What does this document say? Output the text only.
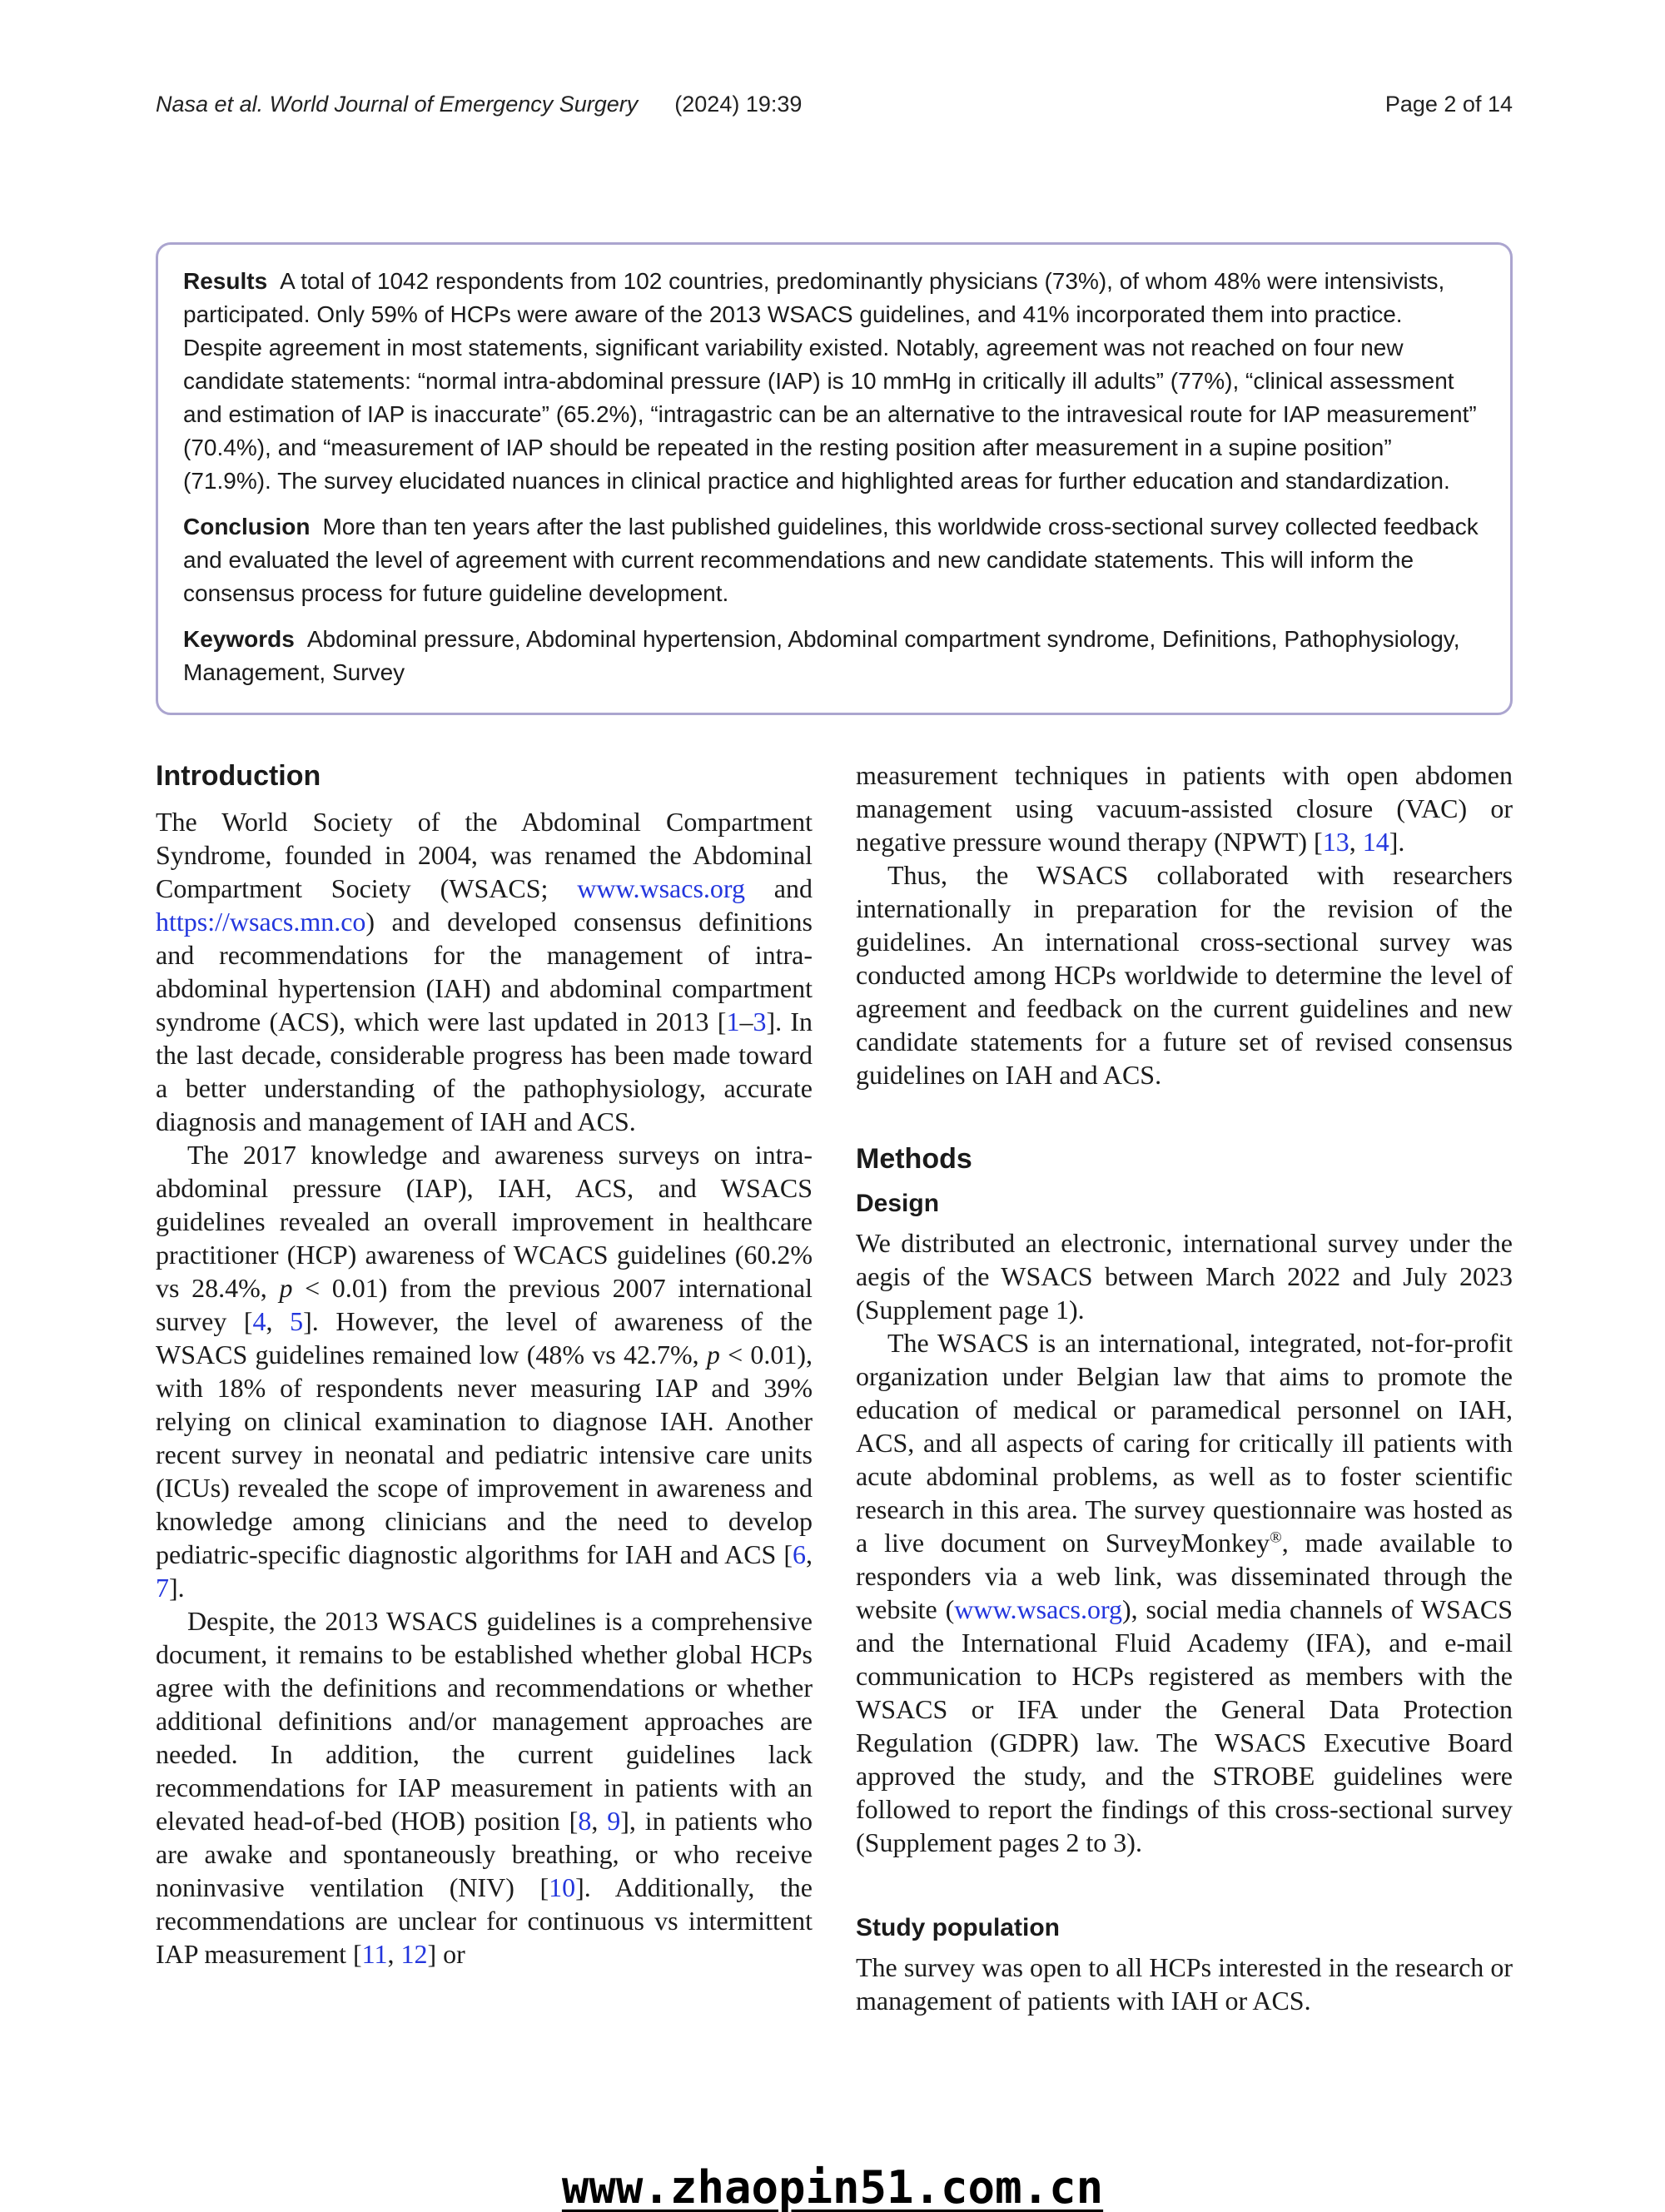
Nasa et al. World Journal of Emergency Surgery (2024) 19:39	Page 2 of 14

Results A total of 1042 respondents from 102 countries, predominantly physicians (73%), of whom 48% were intensivists, participated. Only 59% of HCPs were aware of the 2013 WSACS guidelines, and 41% incorporated them into practice. Despite agreement in most statements, significant variability existed. Notably, agreement was not reached on four new candidate statements: “normal intra-abdominal pressure (IAP) is 10 mmHg in critically ill adults” (77%), “clinical assessment and estimation of IAP is inaccurate” (65.2%), “intragastric can be an alternative to the intravesical route for IAP measurement” (70.4%), and “measurement of IAP should be repeated in the resting position after measurement in a supine position” (71.9%). The survey elucidated nuances in clinical practice and highlighted areas for further education and standardization.

Conclusion More than ten years after the last published guidelines, this worldwide cross-sectional survey collected feedback and evaluated the level of agreement with current recommendations and new candidate statements. This will inform the consensus process for future guideline development.

Keywords Abdominal pressure, Abdominal hypertension, Abdominal compartment syndrome, Definitions, Pathophysiology, Management, Survey

Introduction

The World Society of the Abdominal Compartment Syndrome, founded in 2004, was renamed the Abdominal Compartment Society (WSACS; www.wsacs.org and https://wsacs.mn.co) and developed consensus definitions and recommendations for the management of intra-abdominal hypertension (IAH) and abdominal compartment syndrome (ACS), which were last updated in 2013 [1–3]. In the last decade, considerable progress has been made toward a better understanding of the pathophysiology, accurate diagnosis and management of IAH and ACS.

The 2017 knowledge and awareness surveys on intra-abdominal pressure (IAP), IAH, ACS, and WSACS guidelines revealed an overall improvement in healthcare practitioner (HCP) awareness of WCACS guidelines (60.2% vs 28.4%, p < 0.01) from the previous 2007 international survey [4, 5]. However, the level of awareness of the WSACS guidelines remained low (48% vs 42.7%, p < 0.01), with 18% of respondents never measuring IAP and 39% relying on clinical examination to diagnose IAH. Another recent survey in neonatal and pediatric intensive care units (ICUs) revealed the scope of improvement in awareness and knowledge among clinicians and the need to develop pediatric-specific diagnostic algorithms for IAH and ACS [6, 7].

Despite, the 2013 WSACS guidelines is a comprehensive document, it remains to be established whether global HCPs agree with the definitions and recommendations or whether additional definitions and/or management approaches are needed. In addition, the current guidelines lack recommendations for IAP measurement in patients with an elevated head-of-bed (HOB) position [8, 9], in patients who are awake and spontaneously breathing, or who receive noninvasive ventilation (NIV) [10]. Additionally, the recommendations are unclear for continuous vs intermittent IAP measurement [11, 12] or

measurement techniques in patients with open abdomen management using vacuum-assisted closure (VAC) or negative pressure wound therapy (NPWT) [13, 14].

Thus, the WSACS collaborated with researchers internationally in preparation for the revision of the guidelines. An international cross-sectional survey was conducted among HCPs worldwide to determine the level of agreement and feedback on the current guidelines and new candidate statements for a future set of revised consensus guidelines on IAH and ACS.

Methods
Design

We distributed an electronic, international survey under the aegis of the WSACS between March 2022 and July 2023 (Supplement page 1).

The WSACS is an international, integrated, not-for-profit organization under Belgian law that aims to promote the education of medical or paramedical personnel on IAH, ACS, and all aspects of caring for critically ill patients with acute abdominal problems, as well as to foster scientific research in this area. The survey questionnaire was hosted as a live document on SurveyMonkey®, made available to responders via a web link, was disseminated through the website (www.wsacs.org), social media channels of WSACS and the International Fluid Academy (IFA), and e-mail communication to HCPs registered as members with the WSACS or IFA under the General Data Protection Regulation (GDPR) law. The WSACS Executive Board approved the study, and the STROBE guidelines were followed to report the findings of this cross-sectional survey (Supplement pages 2 to 3).

Study population

The survey was open to all HCPs interested in the research or management of patients with IAH or ACS.

www.zhaopin51.com.cn
